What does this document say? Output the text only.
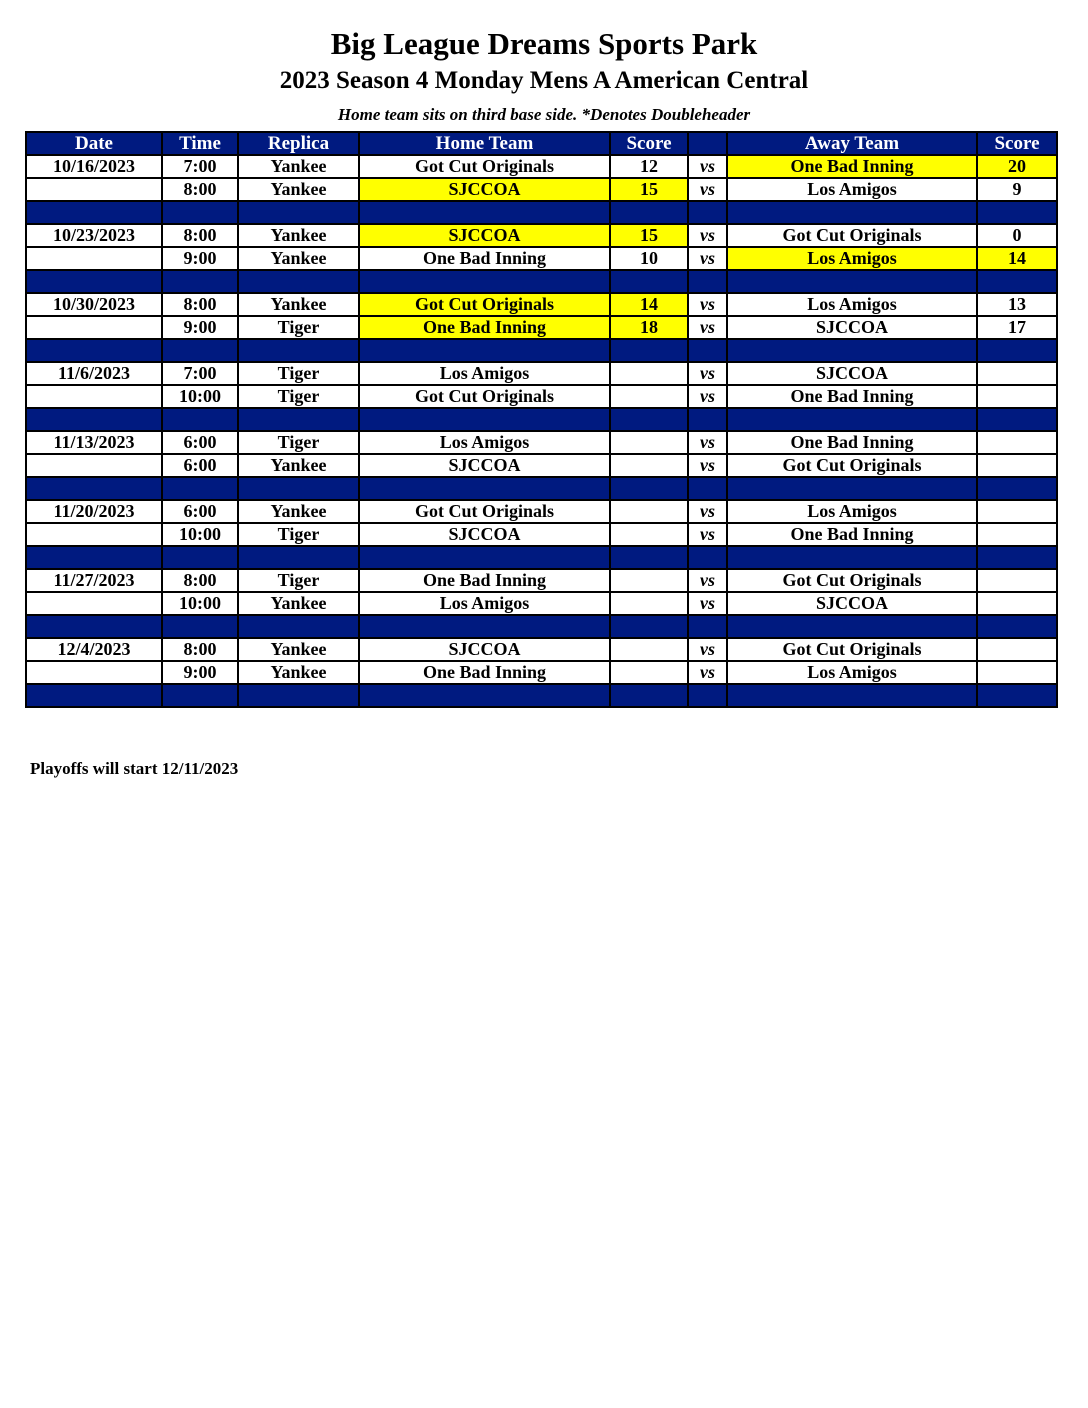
Big League Dreams Sports Park
2023 Season 4 Monday Mens A American Central
Home team sits on third base side. *Denotes Doubleheader
Date	Time	Replica	Home Team	Score		Away Team	Score
10/16/2023	7:00	Yankee	Got Cut Originals	12	vs	One Bad Inning	20
	8:00	Yankee	SJCCOA	15	vs	Los Amigos	9

10/23/2023	8:00	Yankee	SJCCOA	15	vs	Got Cut Originals	0
	9:00	Yankee	One Bad Inning	10	vs	Los Amigos	14

10/30/2023	8:00	Yankee	Got Cut Originals	14	vs	Los Amigos	13
	9:00	Tiger	One Bad Inning	18	vs	SJCCOA	17

11/6/2023	7:00	Tiger	Los Amigos		vs	SJCCOA	
	10:00	Tiger	Got Cut Originals		vs	One Bad Inning	

11/13/2023	6:00	Tiger	Los Amigos		vs	One Bad Inning	
	6:00	Yankee	SJCCOA		vs	Got Cut Originals	

11/20/2023	6:00	Yankee	Got Cut Originals		vs	Los Amigos	
	10:00	Tiger	SJCCOA		vs	One Bad Inning	

11/27/2023	8:00	Tiger	One Bad Inning		vs	Got Cut Originals	
	10:00	Yankee	Los Amigos		vs	SJCCOA	

12/4/2023	8:00	Yankee	SJCCOA		vs	Got Cut Originals	
	9:00	Yankee	One Bad Inning		vs	Los Amigos	

Playoffs will start 12/11/2023
